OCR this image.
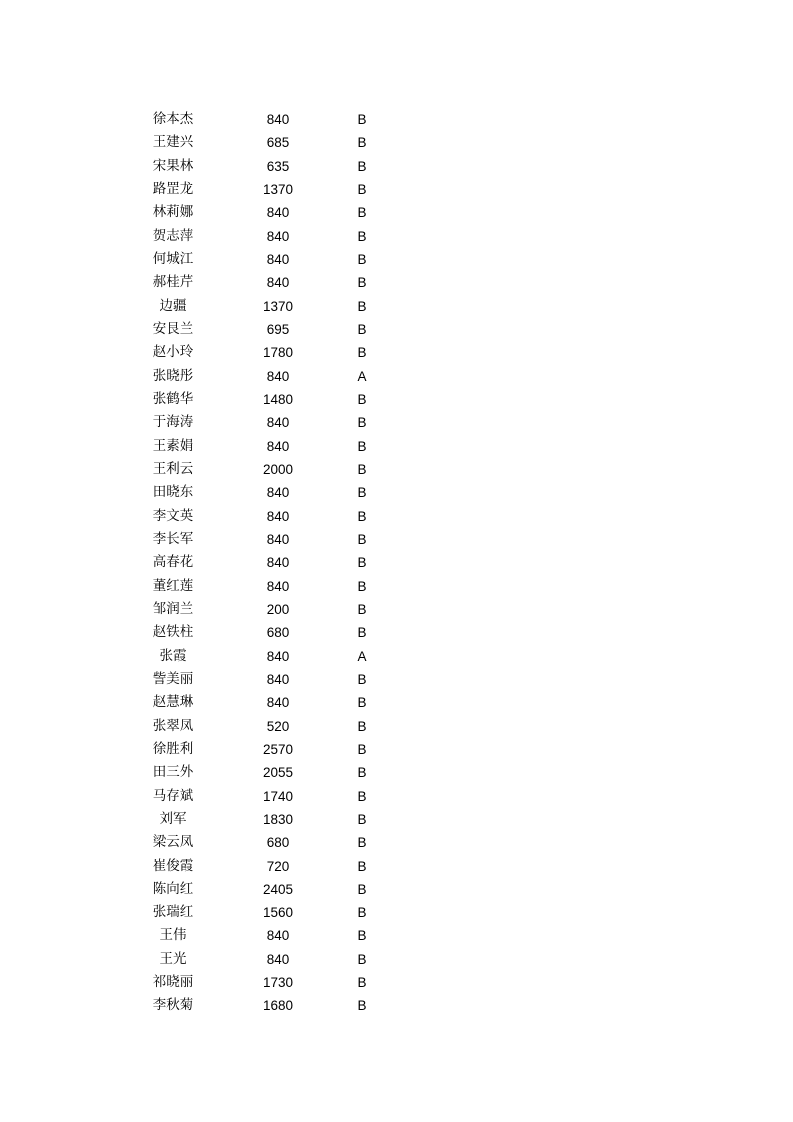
徐本杰	840	B
王建兴	685	B
宋果林	635	B
路罡龙	1370	B
林莉娜	840	B
贺志萍	840	B
何城江	840	B
郝桂芹	840	B
边疆	1370	B
安艮兰	695	B
赵小玲	1780	B
张晓彤	840	A
张鹤华	1480	B
于海涛	840	B
王素娟	840	B
王利云	2000	B
田晓东	840	B
李文英	840	B
李长军	840	B
高春花	840	B
董红莲	840	B
邹润兰	200	B
赵铁柱	680	B
张霞	840	A
訾美丽	840	B
赵慧琳	840	B
张翠凤	520	B
徐胜利	2570	B
田三外	2055	B
马存斌	1740	B
刘军	1830	B
梁云凤	680	B
崔俊霞	720	B
陈向红	2405	B
张瑞红	1560	B
王伟	840	B
王光	840	B
祁晓丽	1730	B
李秋菊	1680	B
